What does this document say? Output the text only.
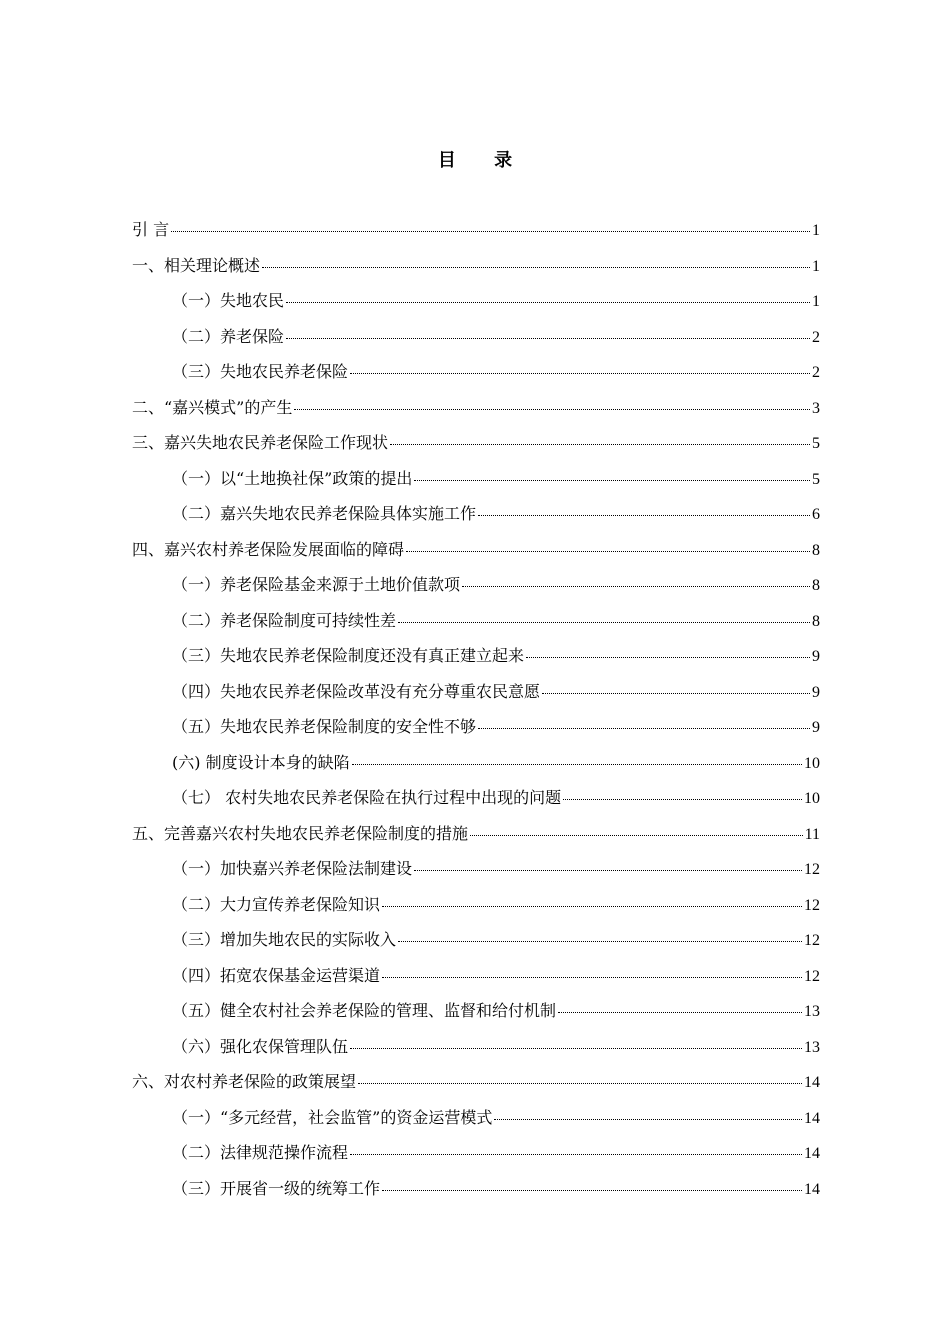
目 录
引 言	1
一、相关理论概述	1
（一）失地农民	1
（二）养老保险	2
（三）失地农民养老保险	2
二、“嘉兴模式”的产生	3
三、嘉兴失地农民养老保险工作现状	5
（一）以“土地换社保”政策的提出	5
（二）嘉兴失地农民养老保险具体实施工作	6
四、嘉兴农村养老保险发展面临的障碍	8
（一）养老保险基金来源于土地价值款项	8
（二）养老保险制度可持续性差	8
（三）失地农民养老保险制度还没有真正建立起来	9
（四）失地农民养老保险改革没有充分尊重农民意愿	9
（五）失地农民养老保险制度的安全性不够	9
(六) 制度设计本身的缺陷	10
（七） 农村失地农民养老保险在执行过程中出现的问题	10
五、完善嘉兴农村失地农民养老保险制度的措施	11
（一）加快嘉兴养老保险法制建设	12
（二）大力宣传养老保险知识	12
（三）增加失地农民的实际收入	12
（四）拓宽农保基金运营渠道	12
（五）健全农村社会养老保险的管理、监督和给付机制	13
（六）强化农保管理队伍	13
六、对农村养老保险的政策展望	14
（一）“多元经营，社会监管”的资金运营模式	14
（二）法律规范操作流程	14
（三）开展省一级的统筹工作	14
